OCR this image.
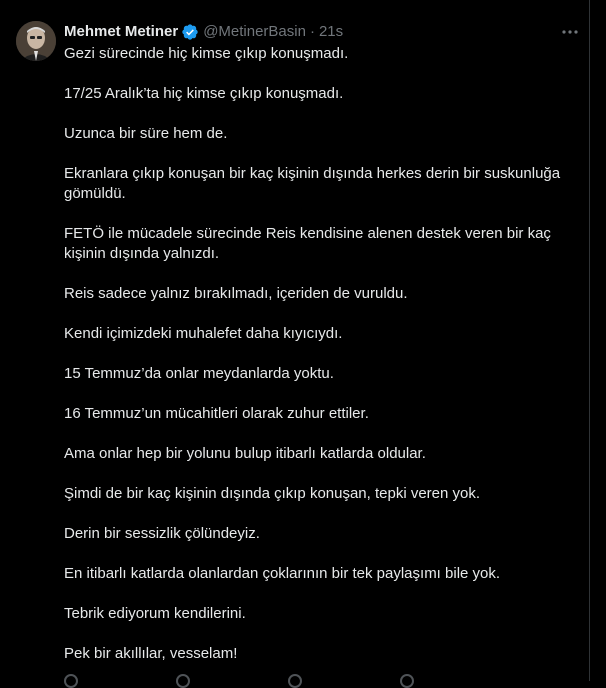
Mehmet Metiner @MetinerBasin · 21s

Gezi sürecinde hiç kimse çıkıp konuşmadı.

17/25 Aralık’ta hiç kimse çıkıp konuşmadı.

Uzunca bir süre hem de.

Ekranlara çıkıp konuşan bir kaç kişinin dışında herkes derin bir suskunluğa gömüldü.

FETÖ ile mücadele sürecinde Reis kendisine alenen destek veren bir kaç kişinin dışında yalnızdı.

Reis sadece yalnız bırakılmadı, içeriden de vuruldu.

Kendi içimizdeki muhalefet daha kıyıcıydı.

15 Temmuz’da onlar meydanlarda yoktu.

16 Temmuz’un mücahitleri olarak zuhur ettiler.

Ama onlar hep bir yolunu bulup itibarlı katlarda oldular.

Şimdi de bir kaç kişinin dışında çıkıp konuşan, tepki veren yok.

Derin bir sessizlik çölündeyiz.

En itibarlı katlarda olanlardan çoklarının bir tek paylaşımı bile yok.

Tebrik ediyorum kendilerini.

Pek bir akıllılar, vesselam!
